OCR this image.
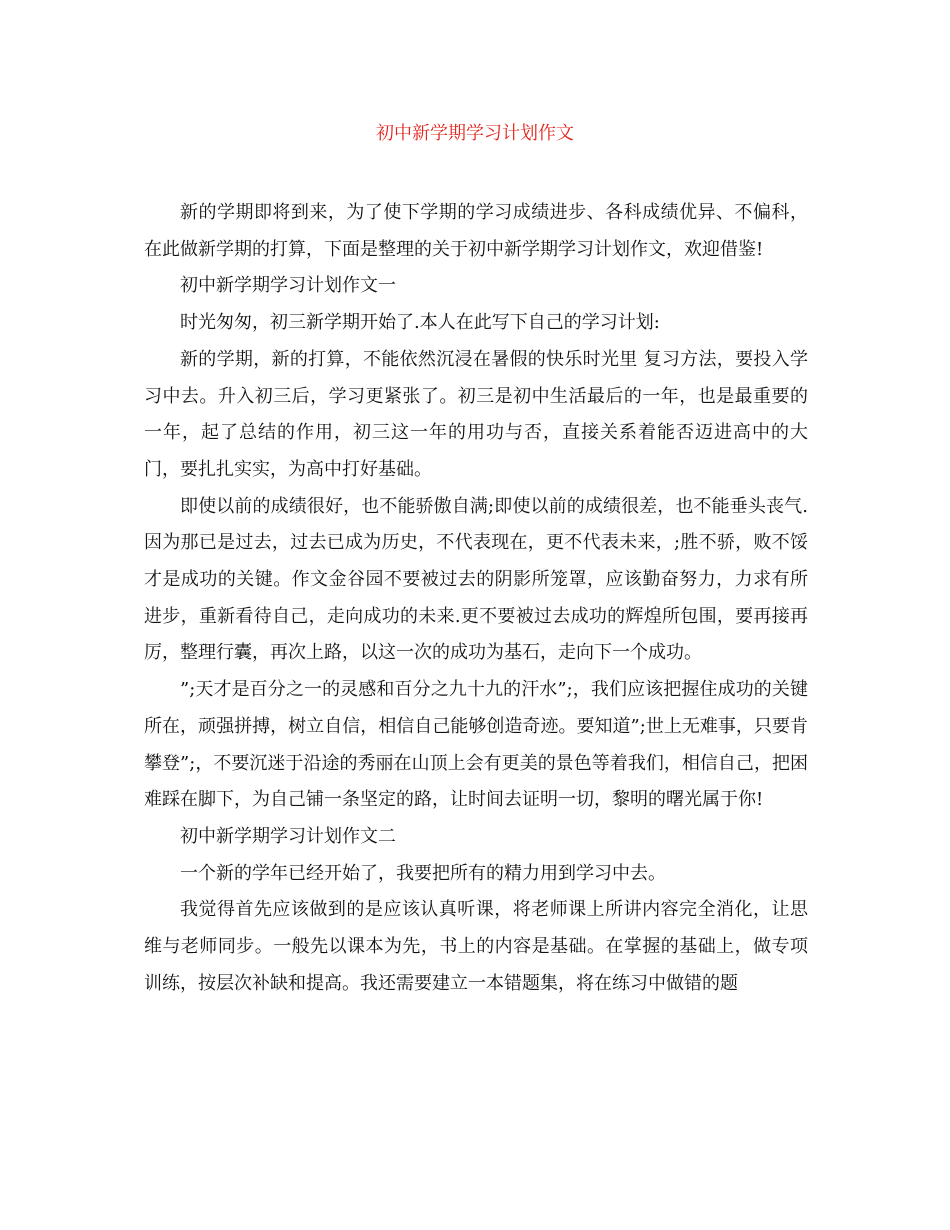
初中新学期学习计划作文

新的学期即将到来，为了使下学期的学习成绩进步、各科成绩优异、不偏科，在此做新学期的打算，下面是整理的关于初中新学期学习计划作文，欢迎借鉴!

初中新学期学习计划作文一

时光匆匆，初三新学期开始了.本人在此写下自己的学习计划:

新的学期，新的打算，不能依然沉浸在暑假的快乐时光里 复习方法，要投入学习中去。升入初三后，学习更紧张了。初三是初中生活最后的一年，也是最重要的一年，起了总结的作用，初三这一年的用功与否，直接关系着能否迈进高中的大门，要扎扎实实，为高中打好基础。

即使以前的成绩很好，也不能骄傲自满;即使以前的成绩很差，也不能垂头丧气.因为那已是过去，过去已成为历史，不代表现在，更不代表未来，;胜不骄，败不馁才是成功的关键。作文金谷园不要被过去的阴影所笼罩，应该勤奋努力，力求有所进步，重新看待自己，走向成功的未来.更不要被过去成功的辉煌所包围，要再接再厉，整理行囊，再次上路，以这一次的成功为基石，走向下一个成功。

”;天才是百分之一的灵感和百分之九十九的汗水”;，我们应该把握住成功的关键所在，顽强拼搏，树立自信，相信自己能够创造奇迹。要知道”;世上无难事，只要肯攀登”;，不要沉迷于沿途的秀丽在山顶上会有更美的景色等着我们，相信自己，把困难踩在脚下，为自己铺一条坚定的路，让时间去证明一切，黎明的曙光属于你!

初中新学期学习计划作文二

一个新的学年已经开始了，我要把所有的精力用到学习中去。

我觉得首先应该做到的是应该认真听课，将老师课上所讲内容完全消化，让思维与老师同步。一般先以课本为先，书上的内容是基础。在掌握的基础上，做专项训练，按层次补缺和提高。我还需要建立一本错题集，将在练习中做错的题
